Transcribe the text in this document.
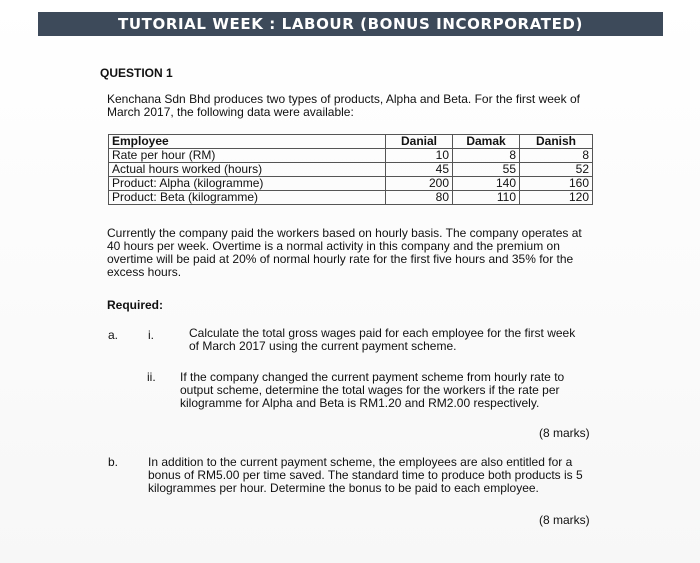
TUTORIAL WEEK : LABOUR (BONUS INCORPORATED)
QUESTION 1
Kenchana Sdn Bhd produces two types of products, Alpha and Beta. For the first week of March 2017, the following data were available:
Employee	Danial	Damak	Danish
Rate per hour (RM)	10	8	8
Actual hours worked (hours)	45	55	52
Product: Alpha (kilogramme)	200	140	160
Product: Beta (kilogramme)	80	110	120
Currently the company paid the workers based on hourly basis. The company operates at 40 hours per week. Overtime is a normal activity in this company and the premium on overtime will be paid at 20% of normal hourly rate for the first five hours and 35% for the excess hours.
Required:
a. i.	Calculate the total gross wages paid for each employee for the first week of March 2017 using the current payment scheme.
ii. If the company changed the current payment scheme from hourly rate to output scheme, determine the total wages for the workers if the rate per kilogramme for Alpha and Beta is RM1.20 and RM2.00 respectively.
(8 marks)
b. In addition to the current payment scheme, the employees are also entitled for a bonus of RM5.00 per time saved. The standard time to produce both products is 5 kilogrammes per hour. Determine the bonus to be paid to each employee.
(8 marks)
